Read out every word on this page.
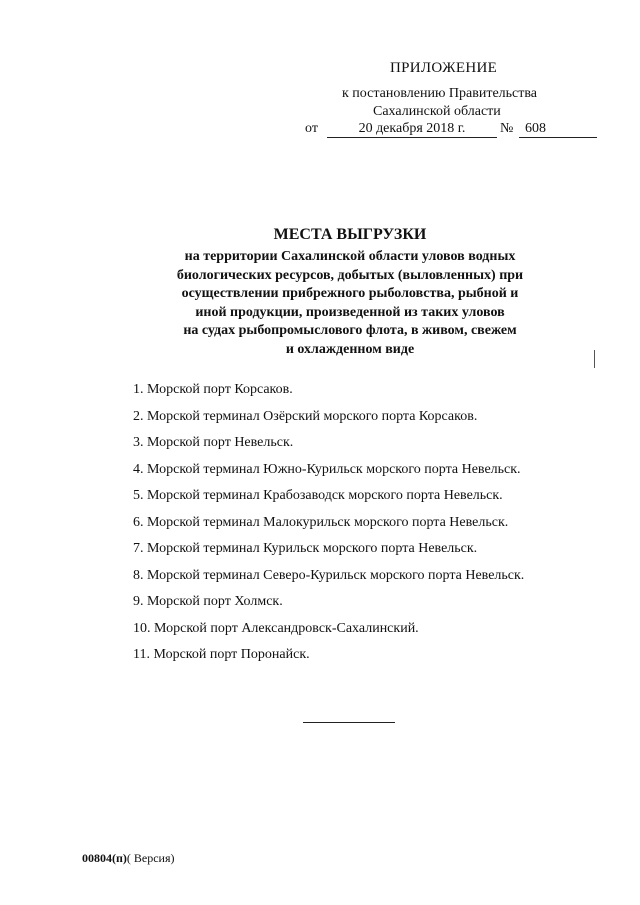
ПРИЛОЖЕНИЕ
к постановлению Правительства
Сахалинской области
от	20 декабря 2018 г.	№ 608
МЕСТА ВЫГРУЗКИ
на территории Сахалинской области уловов водных
биологических ресурсов, добытых (выловленных) при
осуществлении прибрежного рыболовства, рыбной и
иной продукции, произведенной из таких уловов
на судах рыбопромыслового флота, в живом, свежем
и охлажденном виде
1. Морской порт Корсаков.
2. Морской терминал Озёрский морского порта Корсаков.
3. Морской порт Невельск.
4. Морской терминал Южно-Курильск морского порта Невельск.
5. Морской терминал Крабозаводск морского порта Невельск.
6. Морской терминал Малокурильск морского порта Невельск.
7. Морской терминал Курильск морского порта Невельск.
8. Морской терминал Северо-Курильск морского порта Невельск.
9. Морской порт Холмск.
10. Морской порт Александровск-Сахалинский.
11. Морской порт Поронайск.
00804(п)( Версия)
